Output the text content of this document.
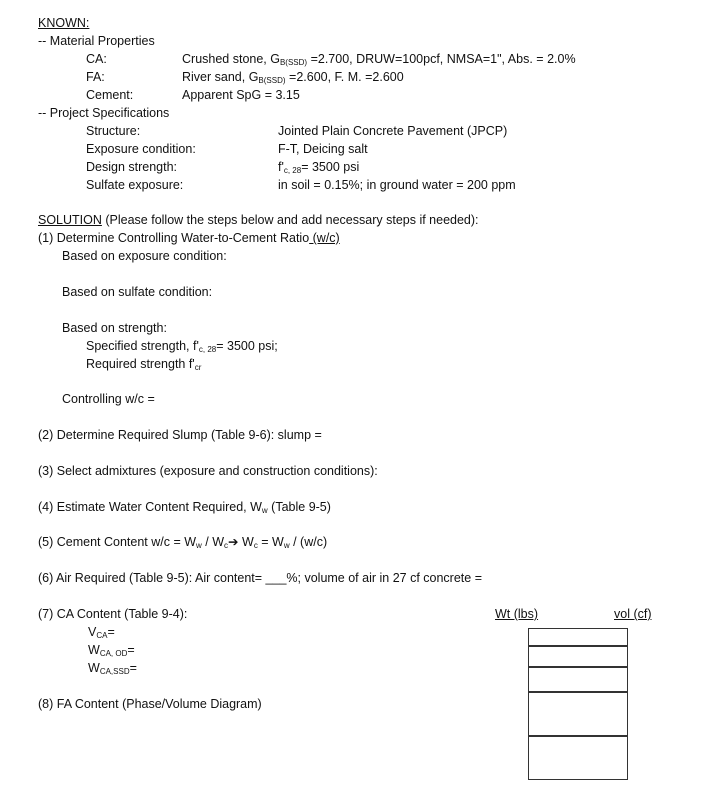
KNOWN:
-- Material Properties
CA:	Crushed stone, $G_{B(SSD)} =2.700$, DRUW=100pcf, NMSA=1", Abs. = 2.0%
FA:	River sand, $G_{B(SSD)} =2.600$, F. M. =2.600
Cement:	Apparent SpG = 3.15
-- Project Specifications
Structure:	Jointed Plain Concrete Pavement (JPCP)
Exposure condition:	F-T, Deicing salt
Design strength:	$f'_{c, 28}= 3500$ psi
Sulfate exposure:	in soil = 0.15%; in ground water = 200 ppm
SOLUTION (Please follow the steps below and add necessary steps if needed):
(1) Determine Controlling Water-to-Cement Ratio (w/c)
Based on exposure condition:
Based on sulfate condition:
Based on strength:
Specified strength, $f'_{c, 28}= 3500$ psi;
Required strength $f'_{cr}$
Controlling w/c =
(2) Determine Required Slump (Table 9-6): slump =
(3) Select admixtures (exposure and construction conditions):
(4) Estimate Water Content Required, $W_w$ (Table 9-5)
(5) Cement Content $w/c = W_w$ / $W_c➔$ $W_c = W_w / (w/c)$
(6) Air Required (Table 9-5): Air content= ___%; volume of air in 27 cf concrete =
(7) CA Content (Table 9-4):
$V_{CA}=$
$W_{CA, OD}=$
$W_{CA,SSD}=$
(8) FA Content (Phase/Volume Diagram)
Wt (lbs)	vol (cf)
